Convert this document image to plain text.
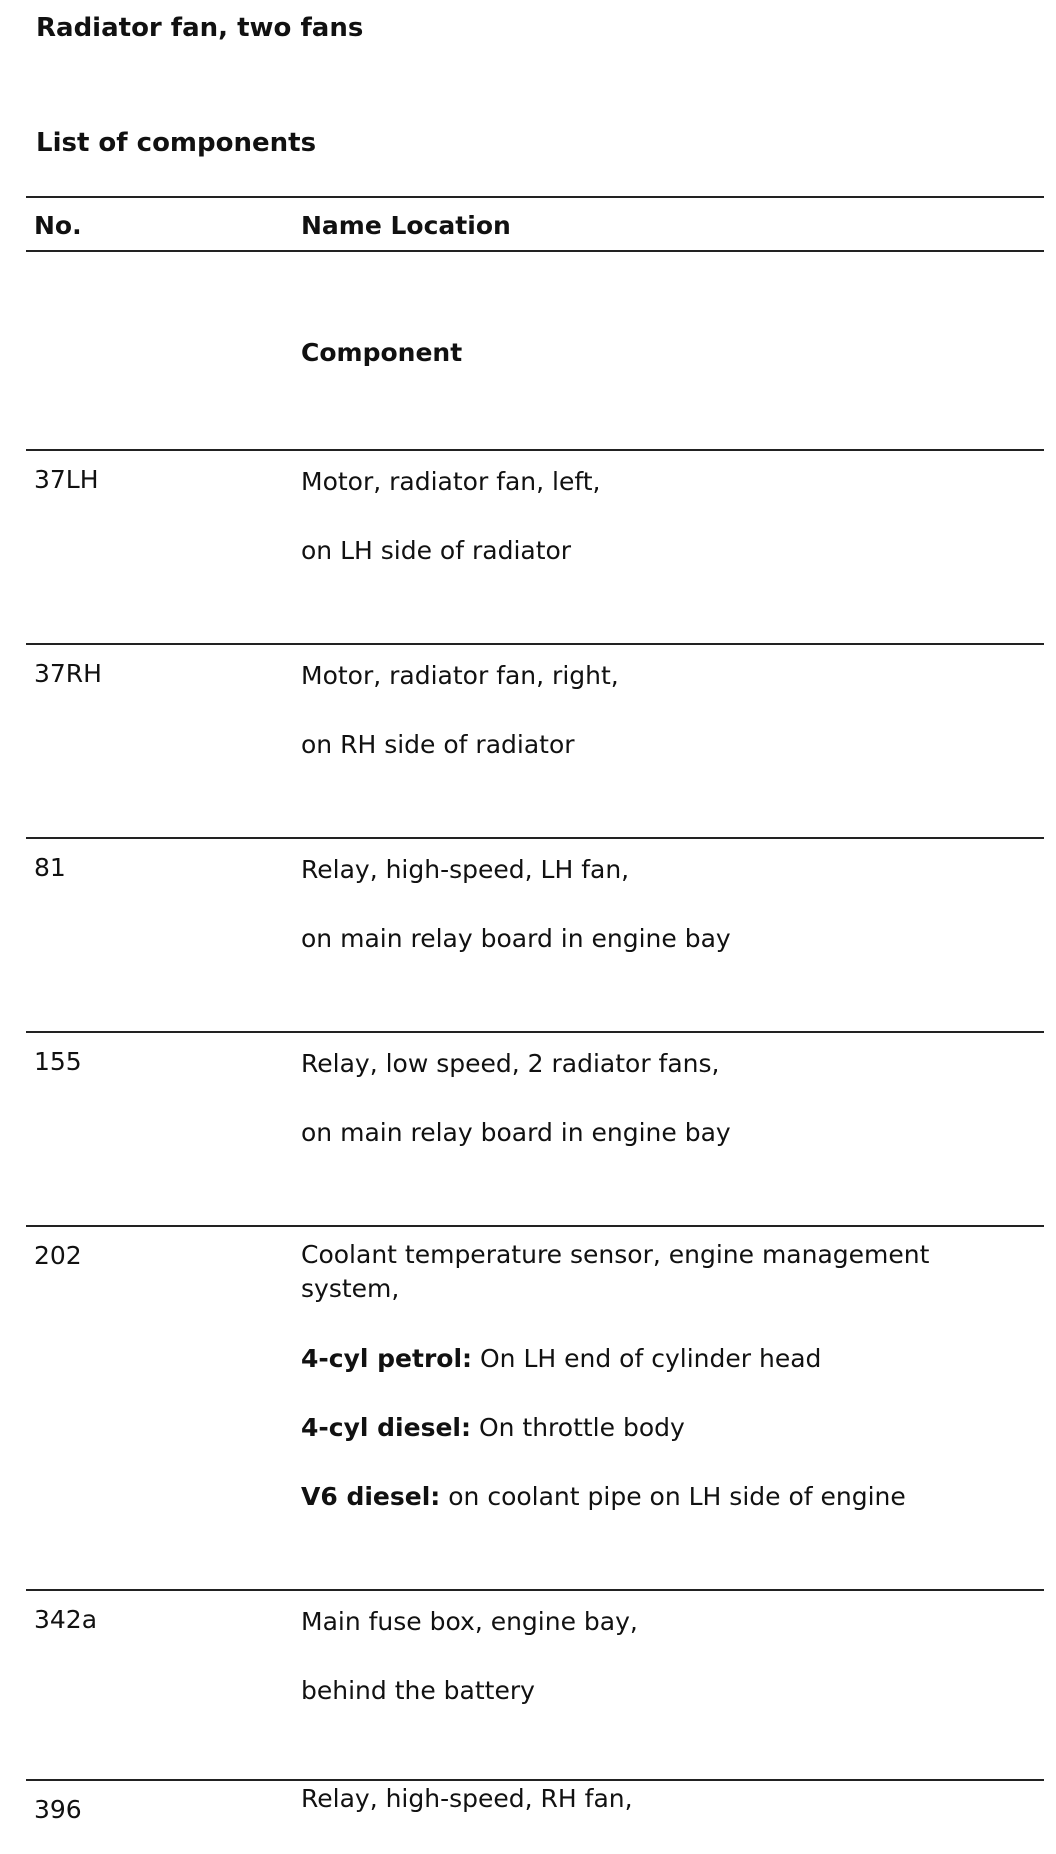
Radiator fan, two fans
List of components
No.	Name Location
Component
37LH	Motor, radiator fan, left,
on LH side of radiator
37RH	Motor, radiator fan, right,
on RH side of radiator
81	Relay, high-speed, LH fan,
on main relay board in engine bay
155	Relay, low speed, 2 radiator fans,
on main relay board in engine bay
202	Coolant temperature sensor, engine management system,
4-cyl petrol: On LH end of cylinder head
4-cyl diesel: On throttle body
V6 diesel: on coolant pipe on LH side of engine
342a	Main fuse box, engine bay,
behind the battery
396	Relay, high-speed, RH fan,
